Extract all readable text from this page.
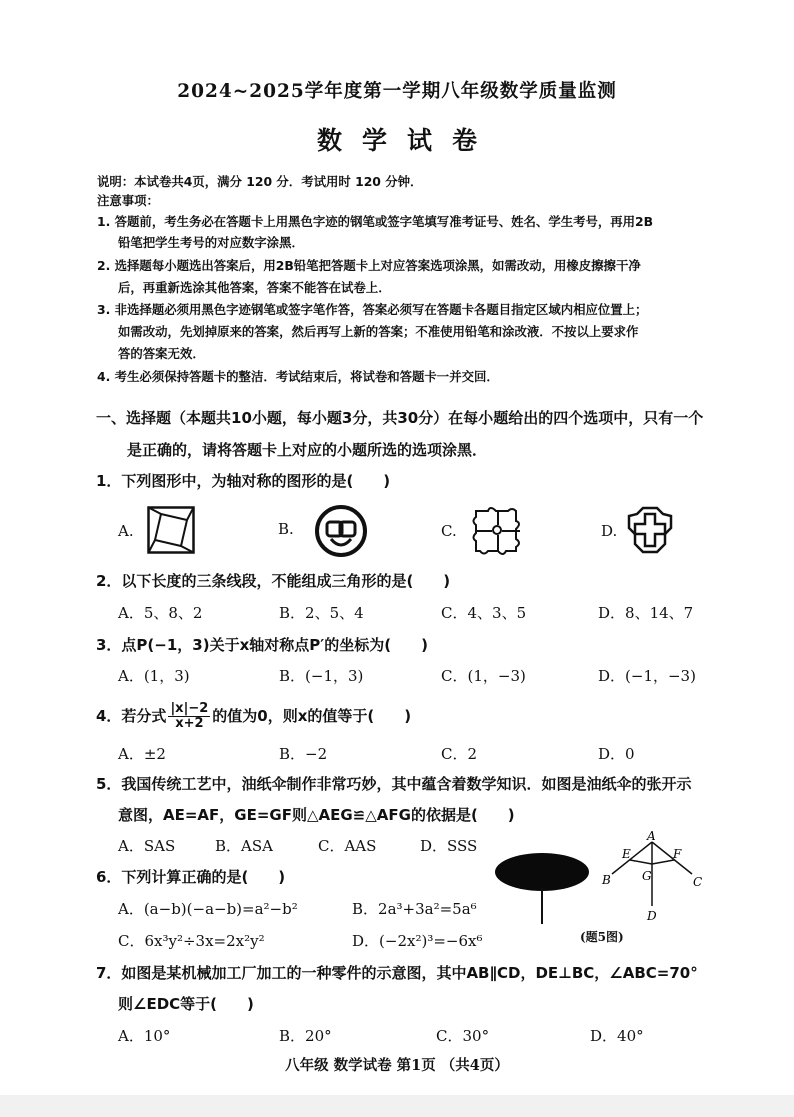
2024~2025学年度第一学期八年级数学质量监测
数学试卷
说明：本试卷共4页，满分 120 分．考试用时 120 分钟．
注意事项：
1. 答题前，考生务必在答题卡上用黑色字迹的钢笔或签字笔填写准考证号、姓名、学生考号，再用2B
铅笔把学生考号的对应数字涂黑．
2. 选择题每小题选出答案后，用2B铅笔把答题卡上对应答案选项涂黑，如需改动，用橡皮擦擦干净
后，再重新选涂其他答案，答案不能答在试卷上．
3. 非选择题必须用黑色字迹钢笔或签字笔作答，答案必须写在答题卡各题目指定区域内相应位置上；
如需改动，先划掉原来的答案，然后再写上新的答案；不准使用铅笔和涂改液．不按以上要求作
答的答案无效．
4. 考生必须保持答题卡的整洁．考试结束后，将试卷和答题卡一并交回．
一、选择题（本题共10小题，每小题3分，共30分）在每小题给出的四个选项中，只有一个
是正确的，请将答题卡上对应的小题所选的选项涂黑．
1．下列图形中，为轴对称的图形的是(　　)
A.	B.	C.	D.
2．以下长度的三条线段，不能组成三角形的是(　　)
A．5、8、2	B．2、5、4	C．4、3、5	D．8、14、7
3．点P(−1，3)关于x轴对称点P′的坐标为(　　)
A．(1，3)	B．(−1，3)	C．(1，−3)	D．(−1，−3)
4．若分式 $\frac{|x|-2}{x+2}$ 的值为0，则x的值等于(　　)
A．±2	B．−2	C．2	D．0
5．我国传统工艺中，油纸伞制作非常巧妙，其中蕴含着数学知识．如图是油纸伞的张开示
意图，AE=AF，GE=GF则△AEG≌△AFG的依据是(　　)
A．SAS	B．ASA	C．AAS	D．SSS
A
E	F
B	G	C
D
(题5图)
6．下列计算正确的是(　　)
A．(a−b)(−a−b)=a²−b²	B．2a³+3a²=5a⁶
C．6x³y²÷3x=2x²y²	D．(−2x²)³=−6x⁶
7．如图是某机械加工厂加工的一种零件的示意图，其中AB∥CD，DE⊥BC，∠ABC=70°
则∠EDC等于(　　)
A．10°	B．20°	C．30°	D．40°
八年级 数学试卷 第1页 （共4页）
